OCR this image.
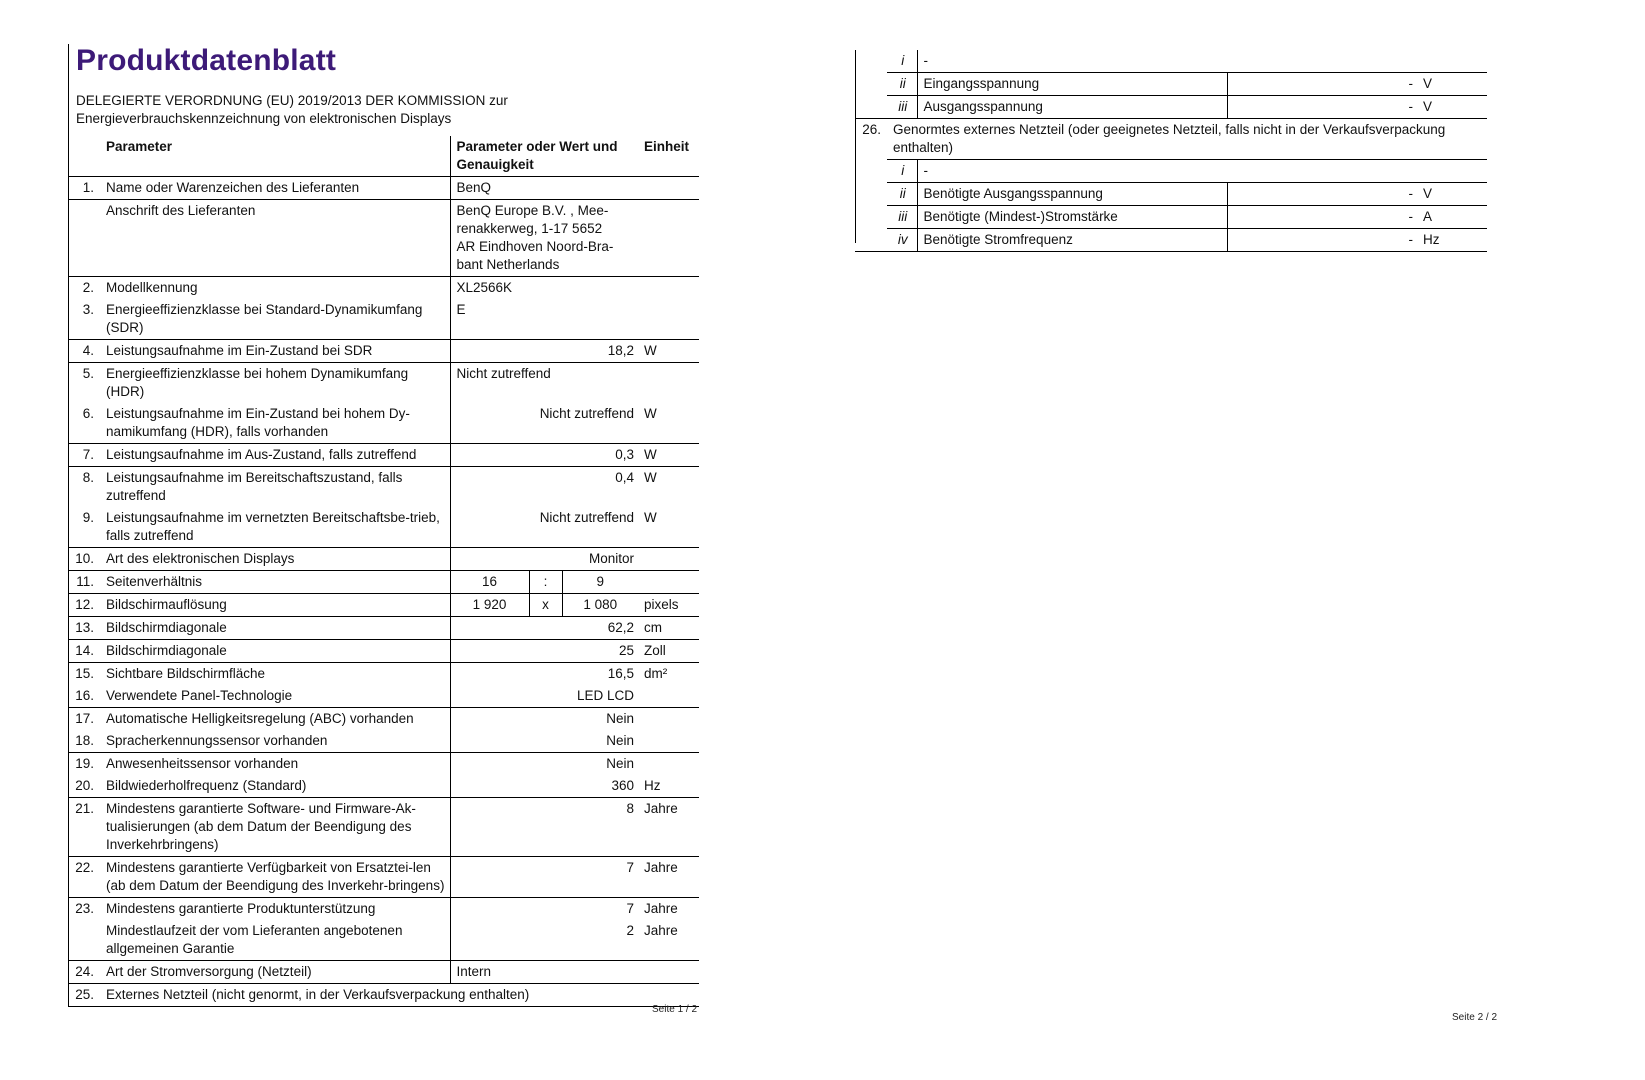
Produktdatenblatt
DELEGIERTE VERORDNUNG (EU) 2019/2013 DER KOMMISSION zur
Energieverbrauchskennzeichnung von elektronischen Displays
	Parameter	Parameter oder Wert und Genauigkeit	Einheit
1.	Name oder Warenzeichen des Lieferanten	BenQ	
	Anschrift des Lieferanten	BenQ Europe B.V. , Mee-renakkerweg, 1-17 5652 AR Eindhoven Noord-Bra-bant Netherlands	
2.	Modellkennung	XL2566K	
3.	Energieeffizienzklasse bei Standard-Dynamikumfang (SDR)	E	
4.	Leistungsaufnahme im Ein-Zustand bei SDR	18,2	W
5.	Energieeffizienzklasse bei hohem Dynamikumfang (HDR)	Nicht zutreffend	
6.	Leistungsaufnahme im Ein-Zustand bei hohem Dy-namikumfang (HDR), falls vorhanden	Nicht zutreffend	W
7.	Leistungsaufnahme im Aus-Zustand, falls zutreffend	0,3	W
8.	Leistungsaufnahme im Bereitschaftszustand, falls zutreffend	0,4	W
9.	Leistungsaufnahme im vernetzten Bereitschaftsbe-trieb, falls zutreffend	Nicht zutreffend	W
10.	Art des elektronischen Displays	Monitor	
11.	Seitenverhältnis	16 : 9	

12.	Bildschirmauflösung	1 920 x 1 080	pixels
13.	Bildschirmdiagonale	62,2	cm
14.	Bildschirmdiagonale	25	Zoll
15.	Sichtbare Bildschirmfläche	16,5	dm²
16.	Verwendete Panel-Technologie	LED LCD	
17.	Automatische Helligkeitsregelung (ABC) vorhanden	Nein	
18.	Spracherkennungssensor vorhanden	Nein	
19.	Anwesenheitssensor vorhanden	Nein	
20.	Bildwiederholfrequenz (Standard)	360	Hz
21.	Mindestens garantierte Software- und Firmware-Ak-tualisierungen (ab dem Datum der Beendigung des Inverkehrbringens)	8	Jahre
22.	Mindestens garantierte Verfügbarkeit von Ersatztei-len (ab dem Datum der Beendigung des Inverkehr-bringens)	7	Jahre
23.	Mindestens garantierte Produktunterstützung	7	Jahre
	Mindestlaufzeit der vom Lieferanten angebotenen allgemeinen Garantie	2	Jahre
24.	Art der Stromversorgung (Netzteil)	Intern	
25.	Externes Netzteil (nicht genormt, in der Verkaufsverpackung enthalten)		
Seite 1 / 2
	i	-		
	ii	Eingangsspannung	-	V
	iii	Ausgangsspannung	-	V
26.	Genormtes externes Netzteil (oder geeignetes Netzteil, falls nicht in der Verkaufsverpackung enthalten)			
	i	-		
	ii	Benötigte Ausgangsspannung	-	V
	iii	Benötigte (Mindest-)Stromstärke	-	A
	iv	Benötigte Stromfrequenz	-	Hz
Seite 2 / 2
